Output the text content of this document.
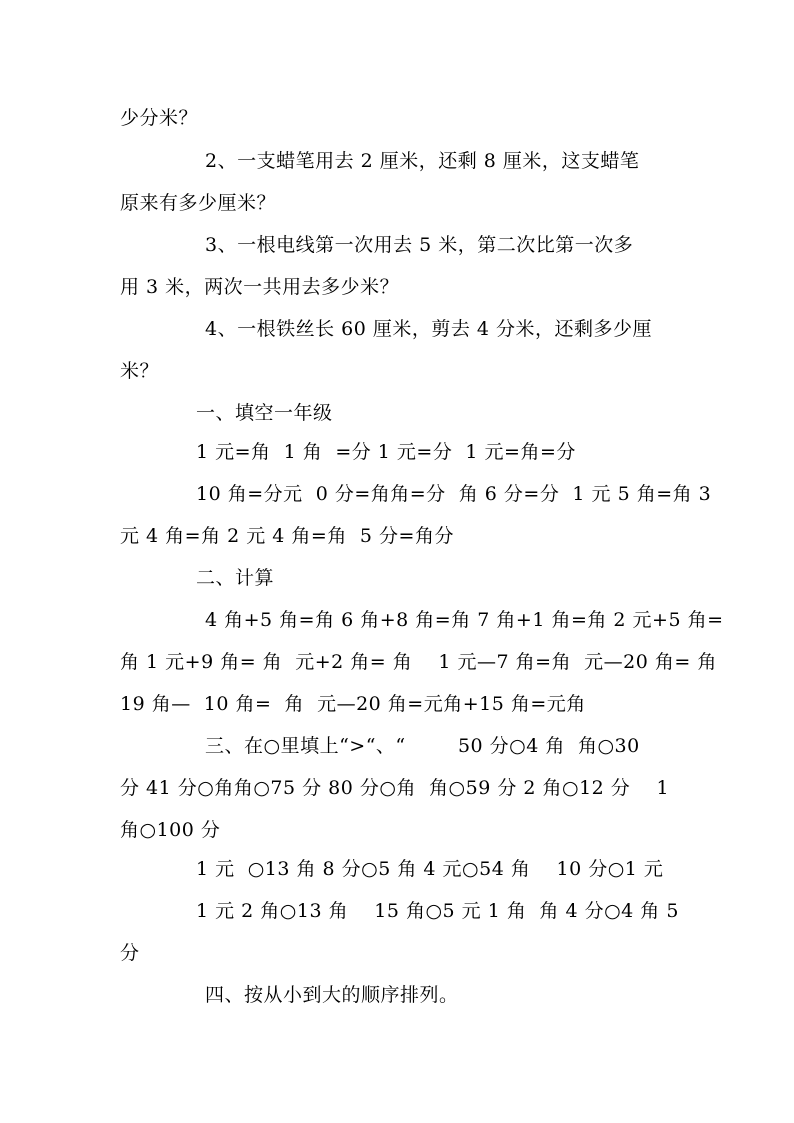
少分米？
2、一支蜡笔用去 2 厘米，还剩 8 厘米，这支蜡笔
原来有多少厘米？
3、一根电线第一次用去 5 米，第二次比第一次多
用 3 米，两次一共用去多少米？
4、一根铁丝长 60 厘米，剪去 4 分米，还剩多少厘
米？
一、填空一年级
1 元=角  1 角  =分 1 元=分  1 元=角=分
10 角=分元  0 分=角角=分  角 6 分=分  1 元 5 角=角 3
元 4 角=角 2 元 4 角=角  5 分=角分
二、计算
4 角+5 角=角 6 角+8 角=角 7 角+1 角=角 2 元+5 角=
角 1 元+9 角= 角  元+2 角= 角    1 元—7 角=角  元—20 角= 角
19 角—  10 角=  角  元—20 角=元角+15 角=元角
三、在○里填上“>“、“        50 分○4 角  角○30
分 41 分○角角○75 分 80 分○角  角○59 分 2 角○12 分    1
角○100 分
1 元  ○13 角 8 分○5 角 4 元○54 角    10 分○1 元
1 元 2 角○13 角    15 角○5 元 1 角  角 4 分○4 角 5
分
四、按从小到大的顺序排列。
